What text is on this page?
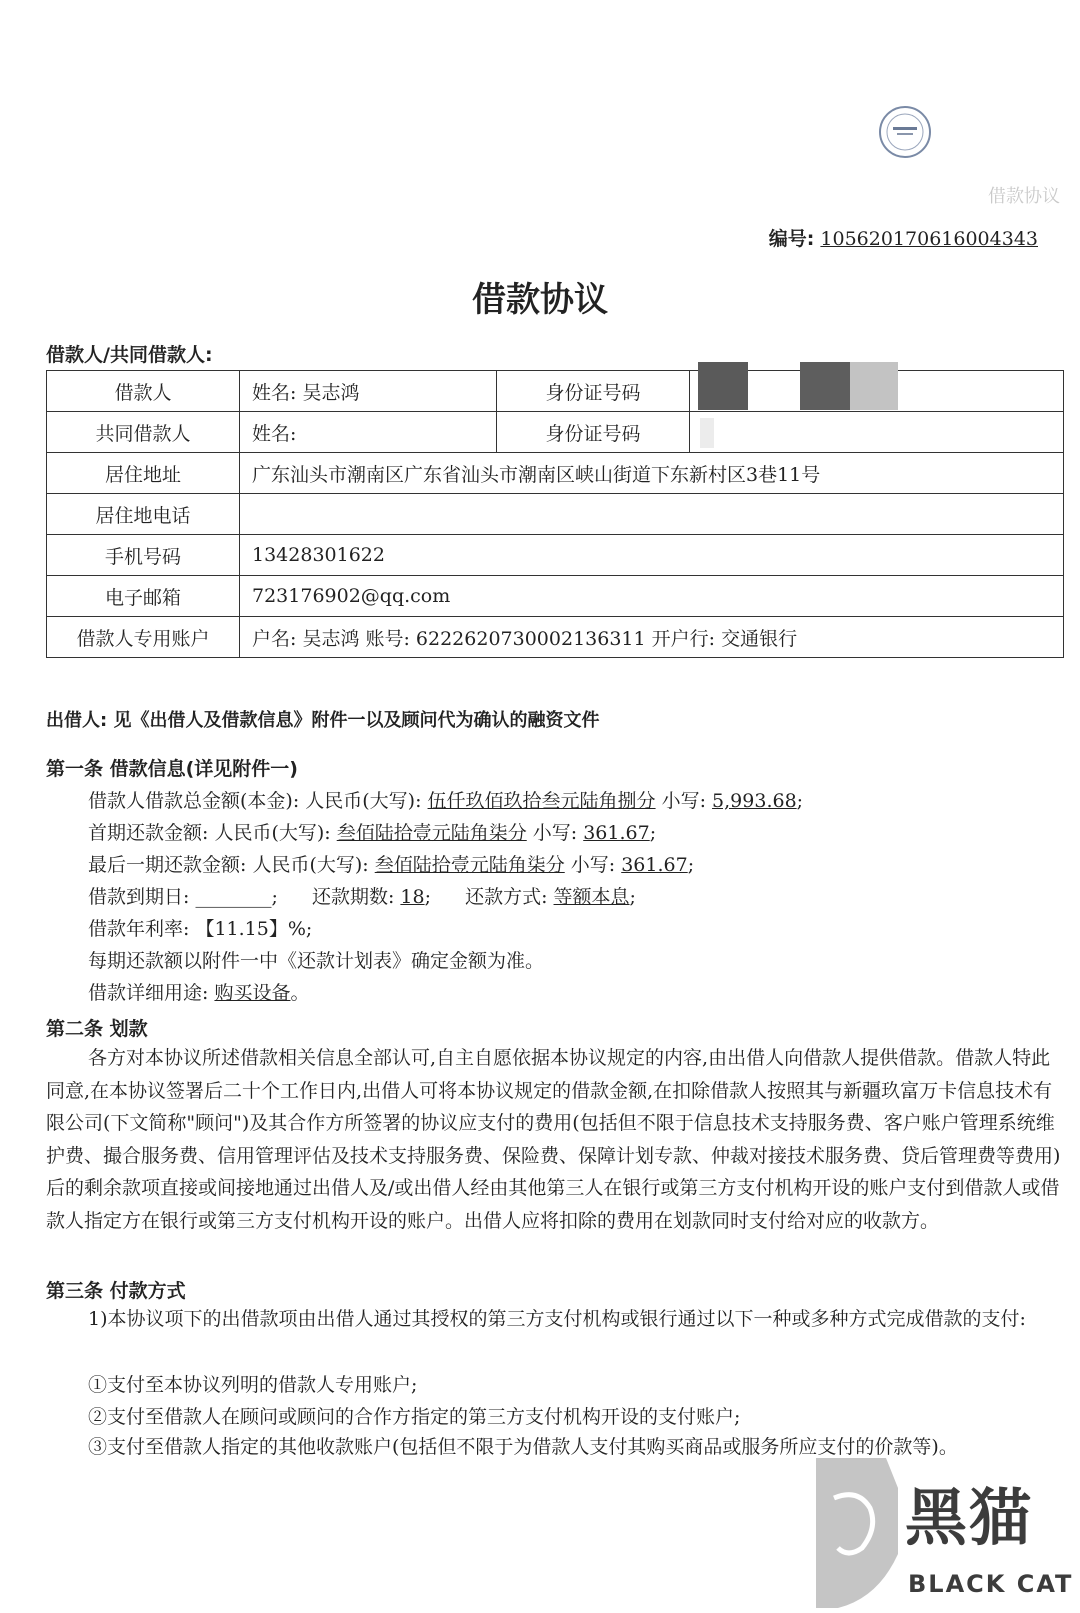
借款协议
编号: 105620170616004343
借款协议
借款人/共同借款人:
借款人	姓名: 吴志鸿	身份证号码	
共同借款人	姓名:	身份证号码	
居住地址	广东汕头市潮南区广东省汕头市潮南区峡山街道下东新村区3巷11号		
居住地电话			
手机号码	13428301622		
电子邮箱	723176902@qq.com		
借款人专用账户	户名: 吴志鸿 账号: 6222620730002136311 开户行: 交通银行		
出借人: 见《出借人及借款信息》附件一以及顾问代为确认的融资文件
第一条 借款信息(详见附件一)
借款人借款总金额(本金): 人民币(大写): 伍仟玖佰玖拾叁元陆角捌分 小写: 5,993.68;
首期还款金额: 人民币(大写): 叁佰陆拾壹元陆角柒分 小写: 361.67;
最后一期还款金额: 人民币(大写): 叁佰陆拾壹元陆角柒分 小写: 361.67;
借款到期日: ________; 还款期数: 18; 还款方式: 等额本息;
借款年利率: 【11.15】%;
每期还款额以附件一中《还款计划表》确定金额为准。
借款详细用途: 购买设备。
第二条 划款
各方对本协议所述借款相关信息全部认可,自主自愿依据本协议规定的内容,由出借人向借款人提供借款。借款人特此同意,在本协议签署后二十个工作日内,出借人可将本协议规定的借款金额,在扣除借款人按照其与新疆玖富万卡信息技术有限公司(下文简称"顾问")及其合作方所签署的协议应支付的费用(包括但不限于信息技术支持服务费、客户账户管理系统维护费、撮合服务费、信用管理评估及技术支持服务费、保险费、保障计划专款、仲裁对接技术服务费、贷后管理费等费用)后的剩余款项直接或间接地通过出借人及/或出借人经由其他第三人在银行或第三方支付机构开设的账户支付到借款人或借款人指定方在银行或第三方支付机构开设的账户。出借人应将扣除的费用在划款同时支付给对应的收款方。
第三条 付款方式
1)本协议项下的出借款项由出借人通过其授权的第三方支付机构或银行通过以下一种或多种方式完成借款的支付:
①支付至本协议列明的借款人专用账户;
②支付至借款人在顾问或顾问的合作方指定的第三方支付机构开设的支付账户;
③支付至借款人指定的其他收款账户(包括但不限于为借款人支付其购买商品或服务所应支付的价款等)。
黑猫
BLACK CAT
